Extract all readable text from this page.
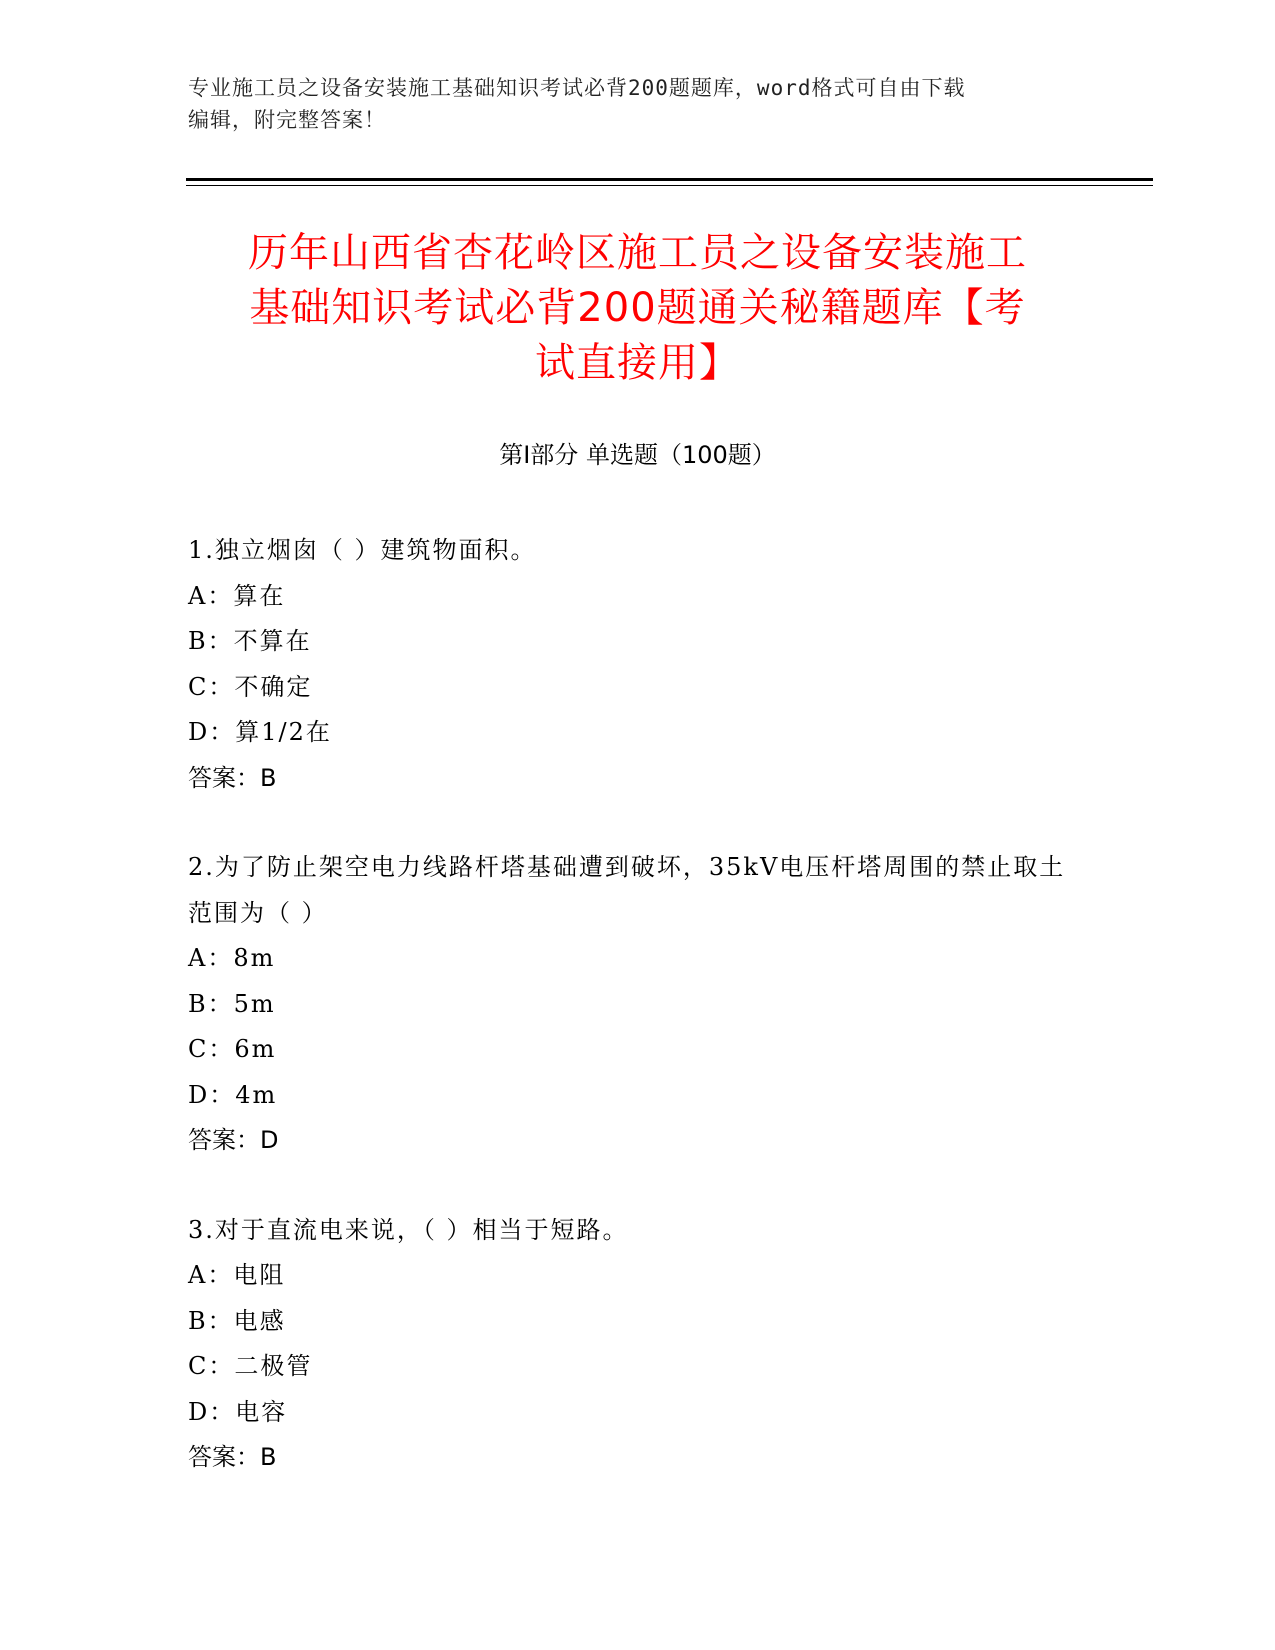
专业施工员之设备安装施工基础知识考试必背200题题库，word格式可自由下载
编辑，附完整答案！
历年山西省杏花岭区施工员之设备安装施工
基础知识考试必背200题通关秘籍题库【考
试直接用】
第Ⅰ部分 单选题（100题）

1.独立烟囱（ ）建筑物面积。

A：算在

B：不算在

C：不确定

D：算1/2在

答案：B

2.为了防止架空电力线路杆塔基础遭到破坏，35kV电压杆塔周围的禁止取土范围为（ ）

A：8m

B：5m

C：6m

D：4m

答案：D

3.对于直流电来说，（ ）相当于短路。

A：电阻

B：电感

C：二极管

D：电容

答案：B
